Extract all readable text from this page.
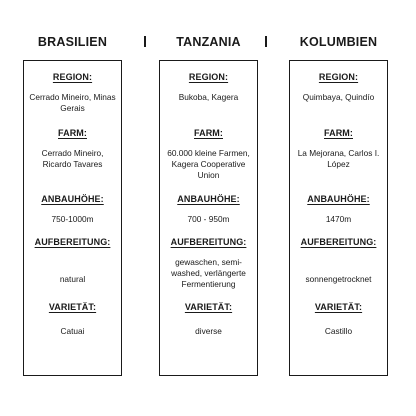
BRASILIEN	TANZANIA	KOLUMBIEN
REGION:
Cerrado Mineiro, Minas Gerais
FARM:
Cerrado Mineiro, Ricardo Tavares
ANBAUHÖHE:
750-1000m
AUFBEREITUNG:
natural
VARIETÄT:
Catuai
REGION:
Bukoba, Kagera
FARM:
60.000 kleine Farmen, Kagera Cooperative Union
ANBAUHÖHE:
700 - 950m
AUFBEREITUNG:
gewaschen, semi-washed, verlängerte Fermentierung
VARIETÄT:
diverse
REGION:
Quimbaya, Quindío
FARM:
La Mejorana, Carlos I. López
ANBAUHÖHE:
1470m
AUFBEREITUNG:
sonnengetrocknet
VARIETÄT:
Castillo
